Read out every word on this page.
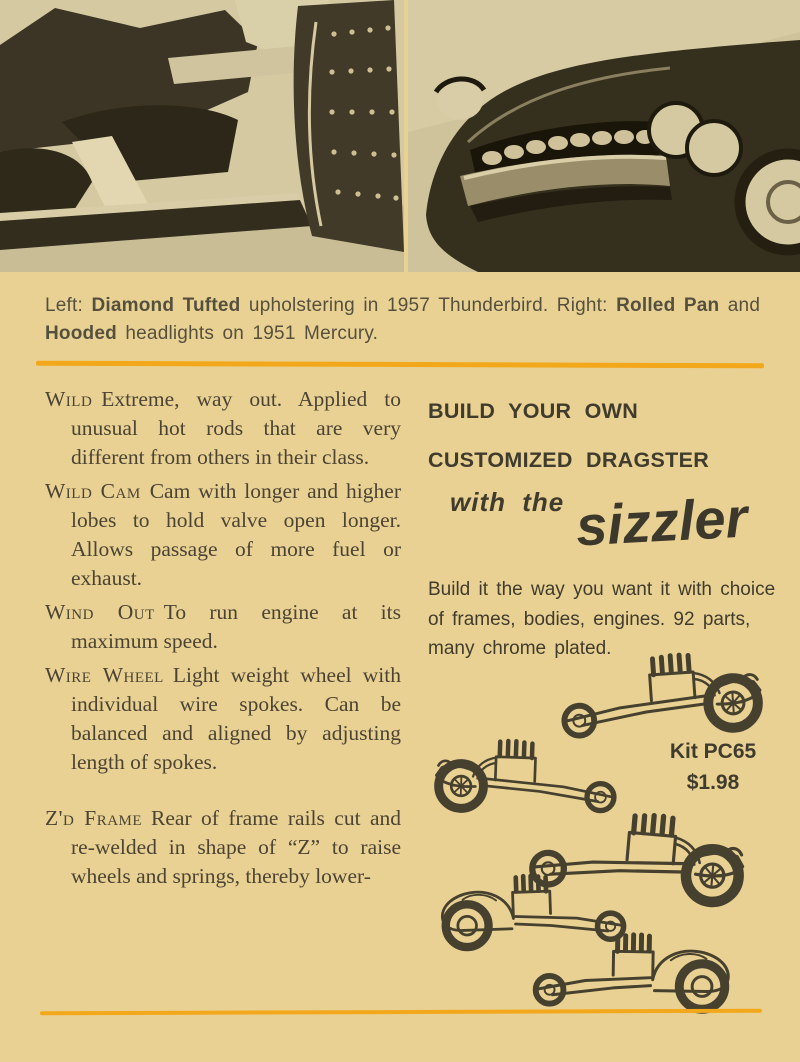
Left: Diamond Tufted upholstering in 1957 Thunderbird. Right: Rolled Pan and Hooded headlights on 1951 Mercury.

Wild Extreme, way out. Applied to unusual hot rods that are very different from others in their class.

Wild Cam Cam with longer and higher lobes to hold valve open longer. Allows passage of more fuel or exhaust.

Wind Out To run engine at its maximum speed.

Wire Wheel Light weight wheel with individual wire spokes. Can be balanced and aligned by adjusting length of spokes.

Z'd Frame Rear of frame rails cut and re-welded in shape of “Z” to raise wheels and springs, thereby lower-

BUILD YOUR OWN

CUSTOMIZED DRAGSTER

with the sizzler

Build it the way you want it with choice of frames, bodies, engines. 92 parts, many chrome plated.

Kit PC65
$1.98
